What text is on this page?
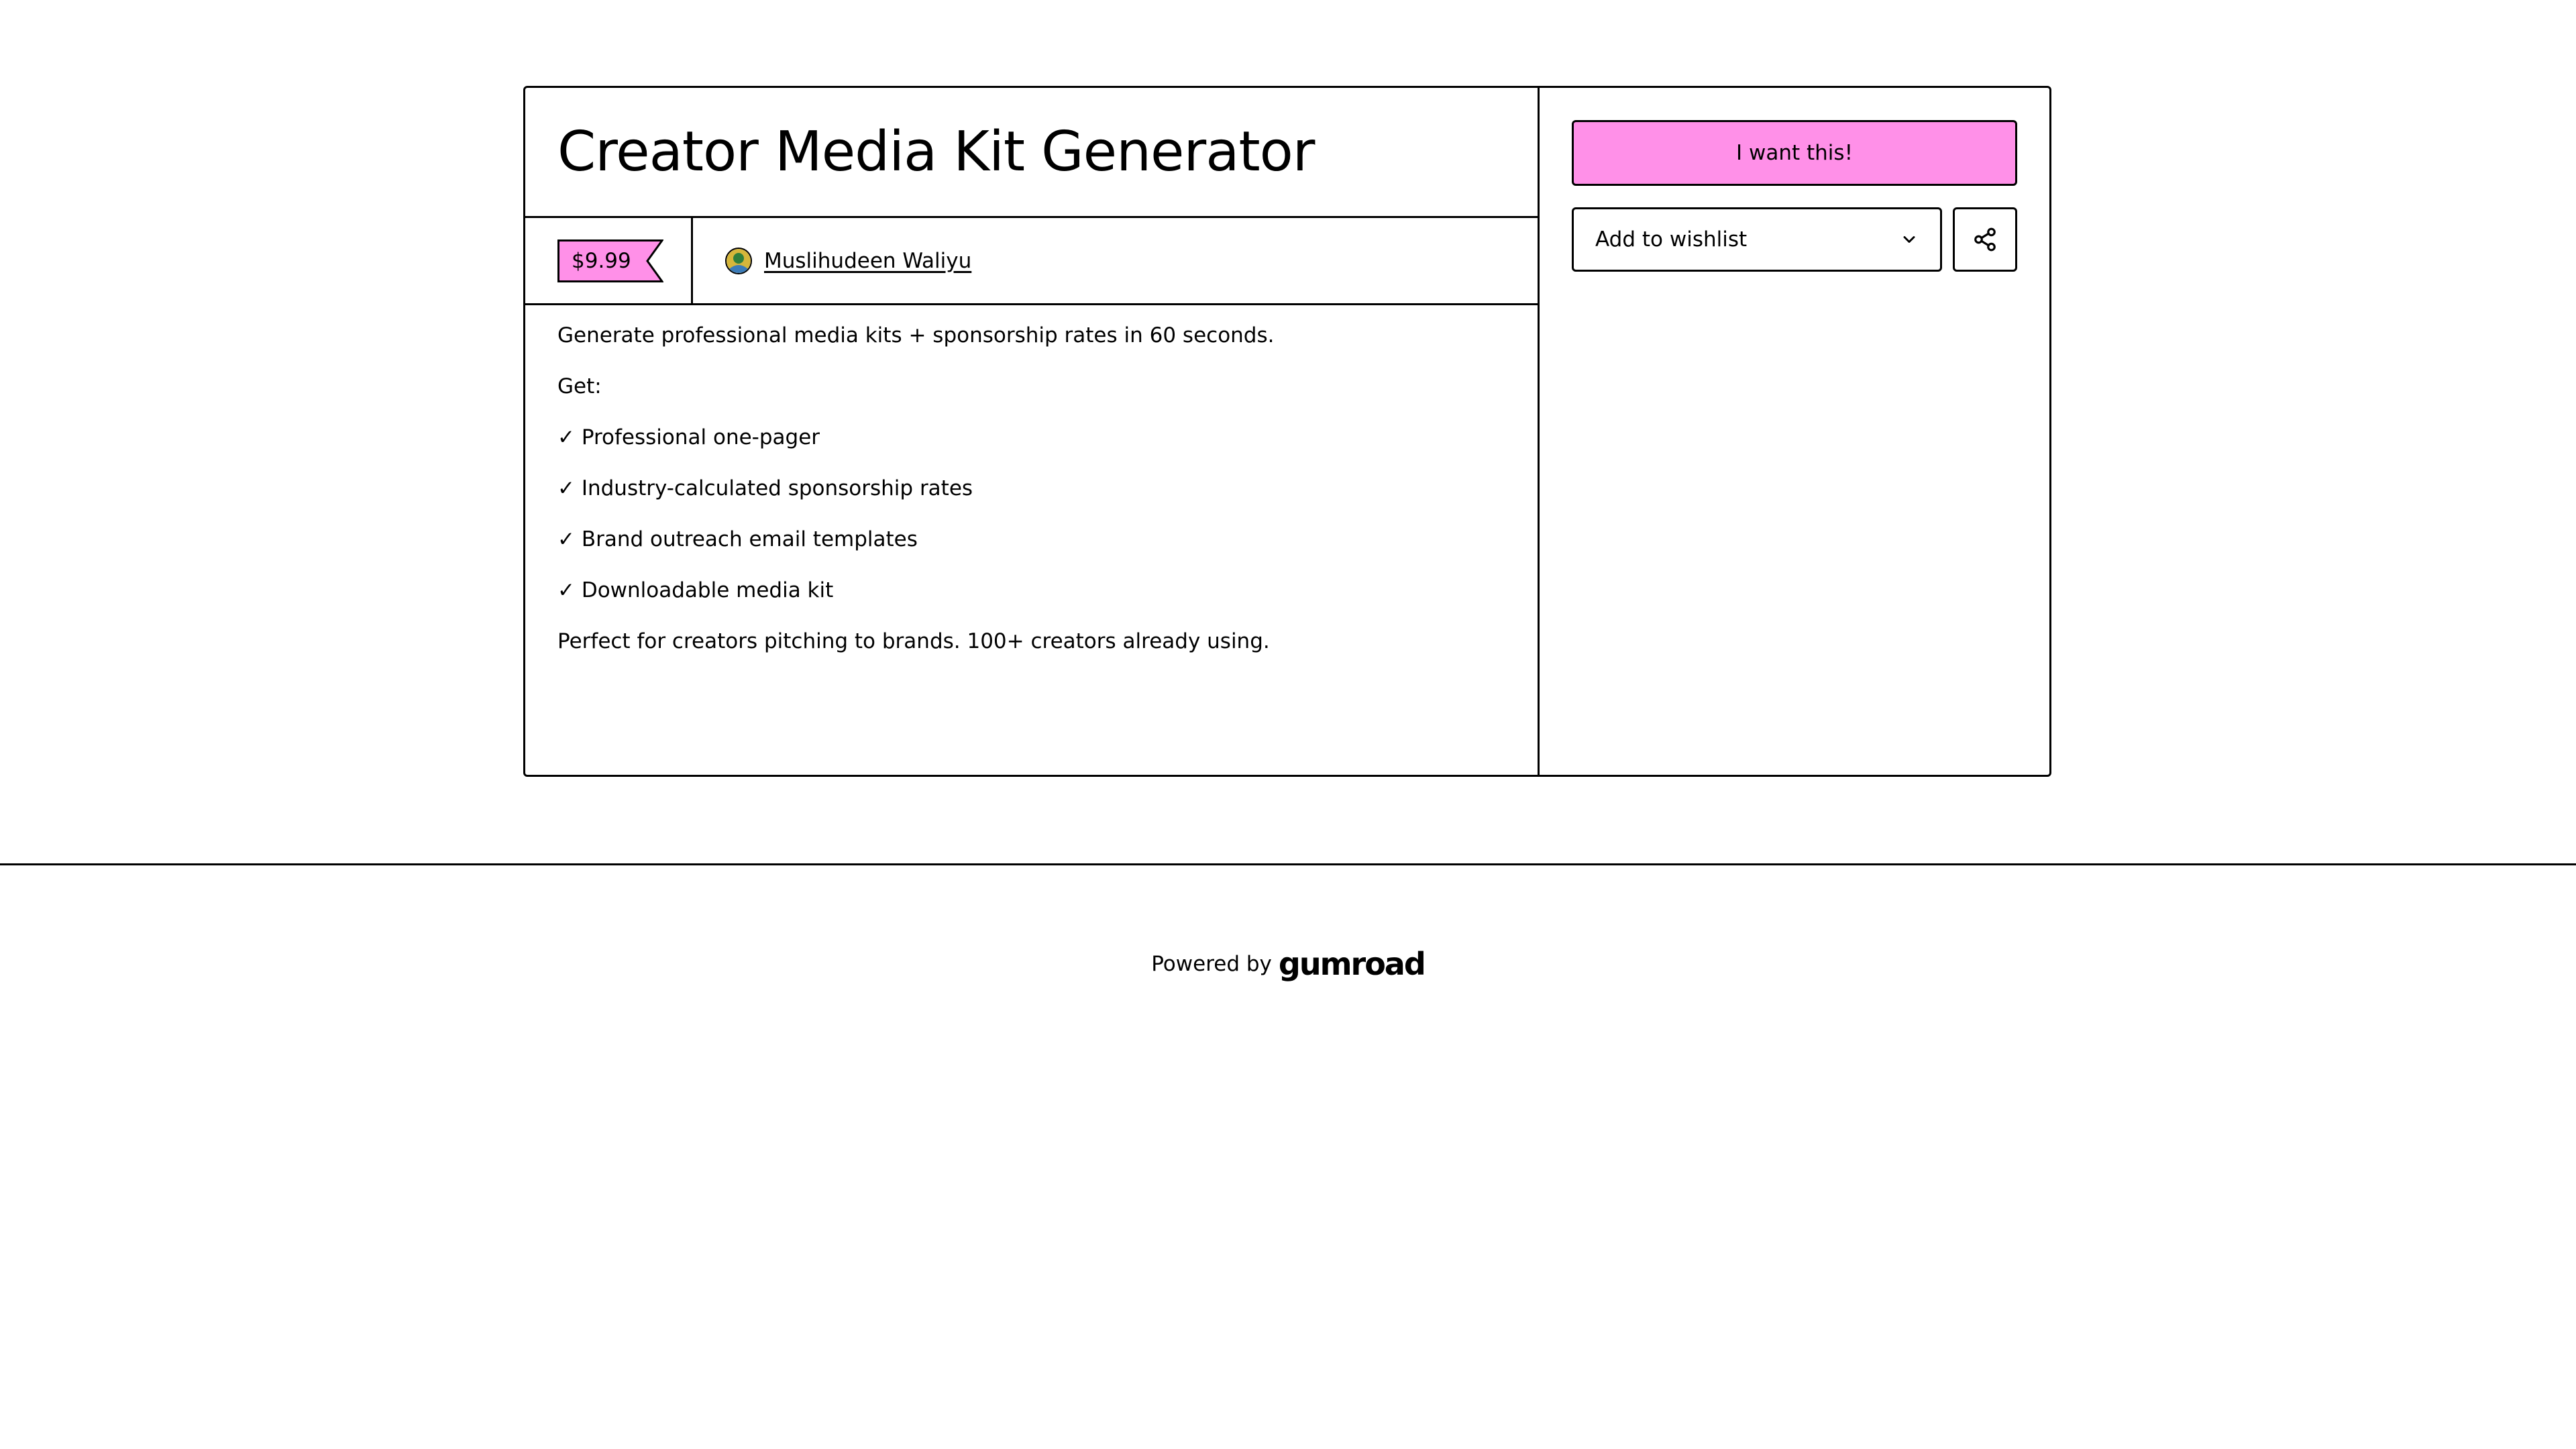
Creator Media Kit Generator
$9.99	Muslihudeen Waliyu

Generate professional media kits + sponsorship rates in 60 seconds.

Get:

✓ Professional one-pager

✓ Industry-calculated sponsorship rates

✓ Brand outreach email templates

✓ Downloadable media kit

Perfect for creators pitching to brands. 100+ creators already using.

I want this!
Add to wishlist
Powered by gumroad
